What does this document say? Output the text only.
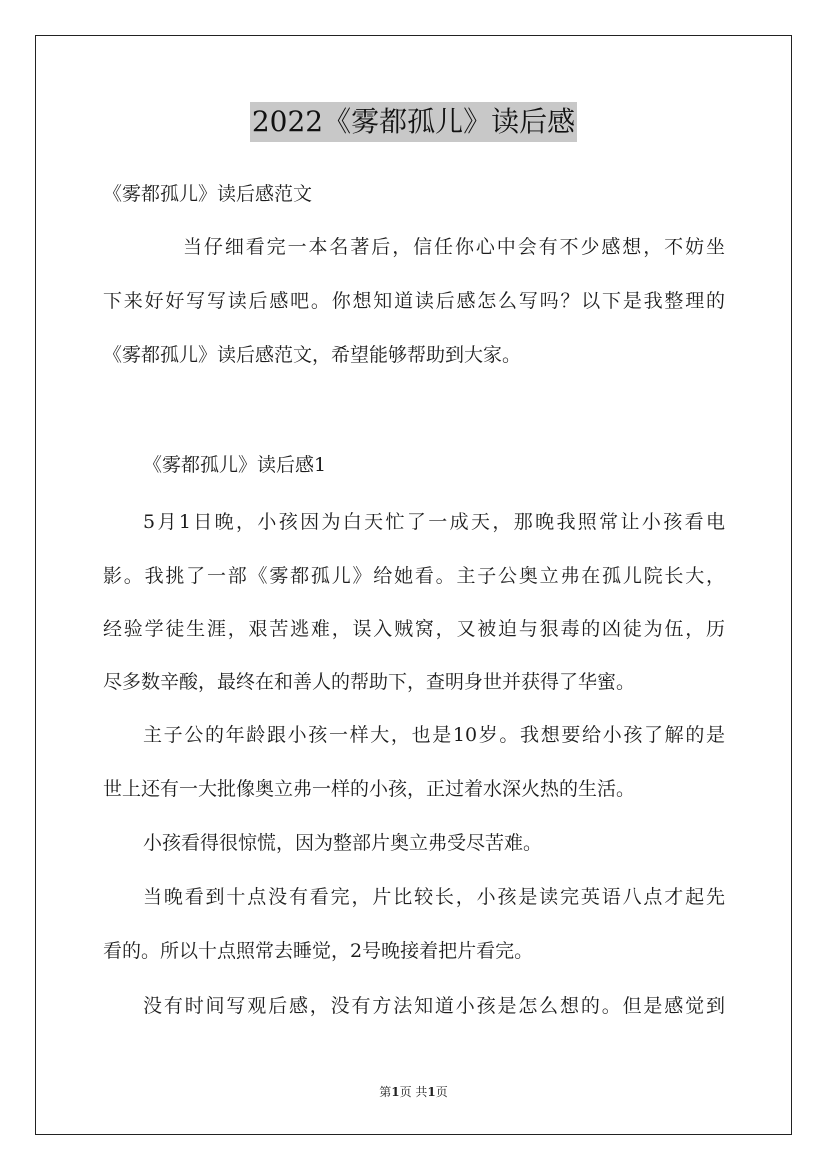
2022《雾都孤儿》读后感
《雾都孤儿》读后感范文
当仔细看完一本名著后，信任你心中会有不少感想，不妨坐
下来好好写写读后感吧。你想知道读后感怎么写吗？以下是我整理的
《雾都孤儿》读后感范文，希望能够帮助到大家。
《雾都孤儿》读后感1
5月1日晚，小孩因为白天忙了一成天，那晚我照常让小孩看电
影。我挑了一部《雾都孤儿》给她看。主子公奥立弗在孤儿院长大，
经验学徒生涯，艰苦逃难，误入贼窝，又被迫与狠毒的凶徒为伍，历
尽多数辛酸，最终在和善人的帮助下，查明身世并获得了华蜜。
主子公的年龄跟小孩一样大，也是10岁。我想要给小孩了解的是
世上还有一大批像奥立弗一样的小孩，正过着水深火热的生活。
小孩看得很惊慌，因为整部片奥立弗受尽苦难。
当晚看到十点没有看完，片比较长，小孩是读完英语八点才起先
看的。所以十点照常去睡觉，2号晚接着把片看完。
没有时间写观后感，没有方法知道小孩是怎么想的。但是感觉到
第1页 共1页
